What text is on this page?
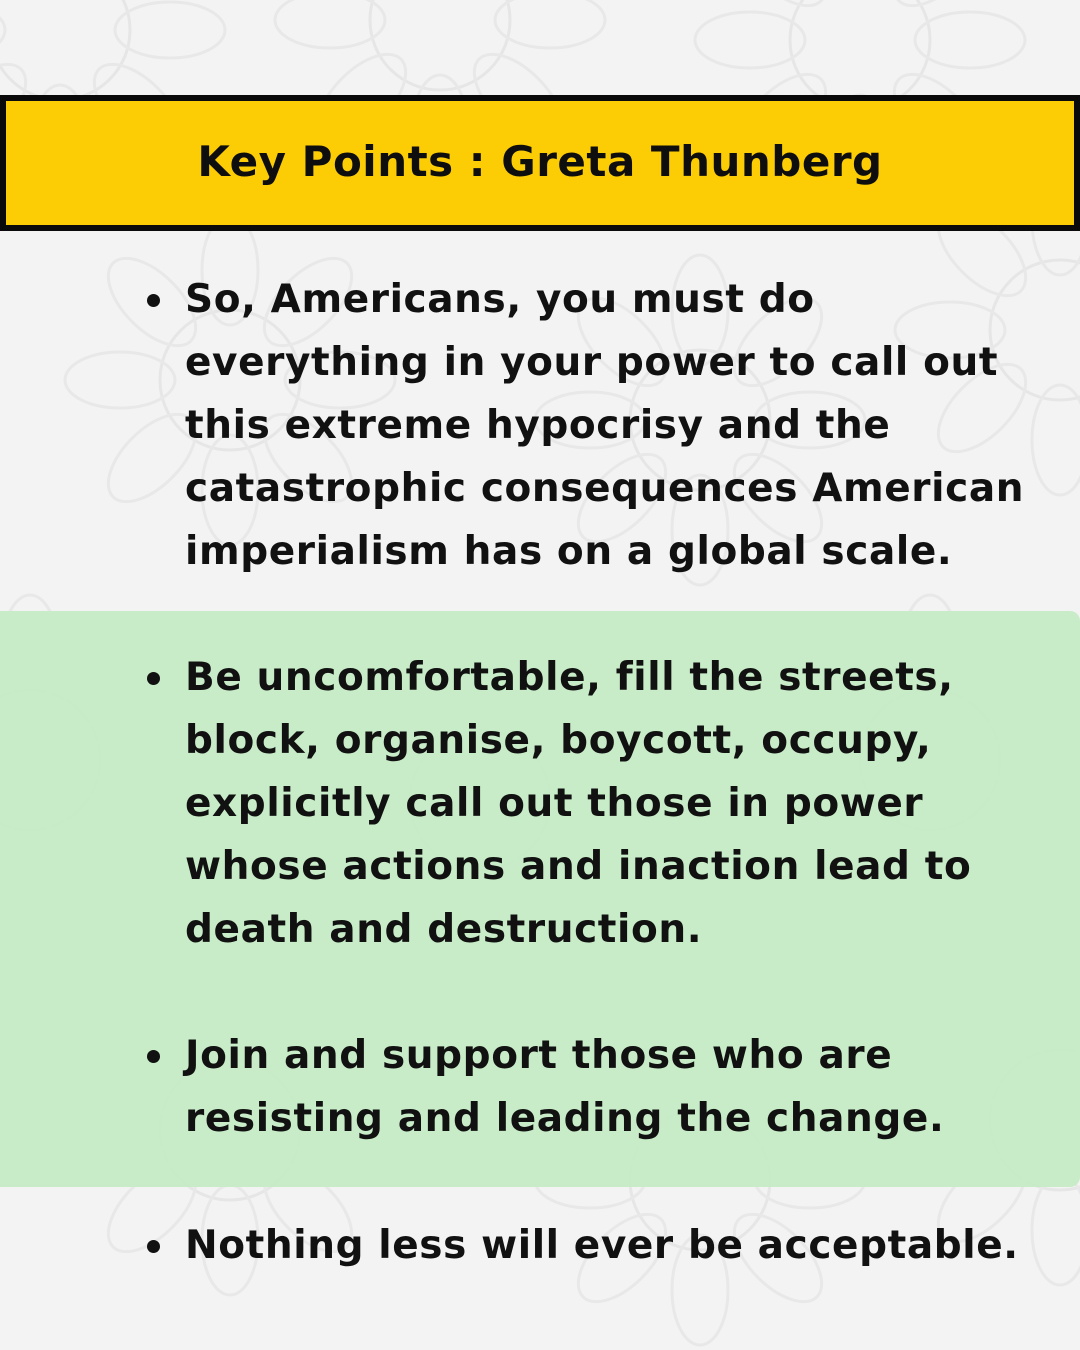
Key Points : Greta Thunberg
So, Americans, you must do
everything in your power to call out
this extreme hypocrisy and the
catastrophic consequences American
imperialism has on a global scale.
Be uncomfortable, fill the streets,
block, organise, boycott, occupy,
explicitly call out those in power
whose actions and inaction lead to
death and destruction.
Join and support those who are
resisting and leading the change.
Nothing less will ever be acceptable.
